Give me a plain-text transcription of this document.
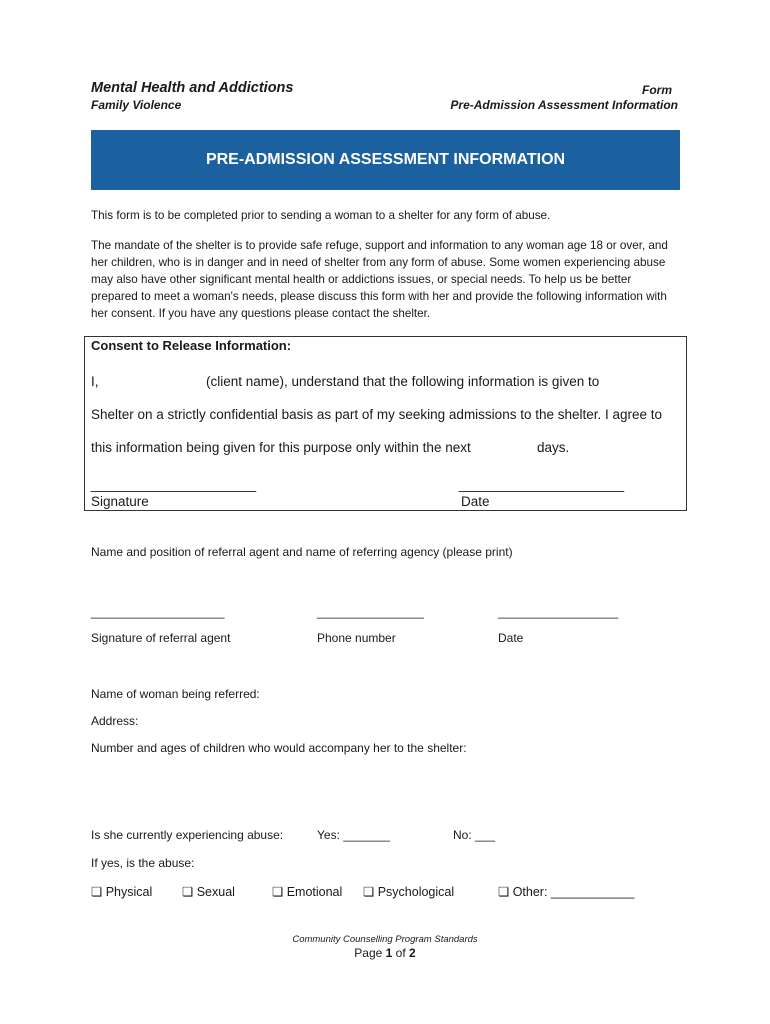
Mental Health and Addictions
Family Violence
Form
Pre-Admission Assessment Information
PRE-ADMISSION ASSESSMENT INFORMATION
This form is to be completed prior to sending a woman to a shelter for any form of abuse.
The mandate of the shelter is to provide safe refuge, support and information to any woman age 18 or over, and her children, who is in danger and in need of shelter from any form of abuse. Some women experiencing abuse may also have other significant mental health or addictions issues, or special needs. To help us be better prepared to meet a woman's needs, please discuss this form with her and provide the following information with her consent. If you have any questions please contact the shelter.
Consent to Release Information:
I,	(client name), understand that the following information is given to
Shelter on a strictly confidential basis as part of my seeking admissions to the shelter. I agree to
this information being given for this purpose only within the next	days.
______________________	______________________
Signature	Date
Name and position of referral agent and name of referring agency (please print)
____________________	________________	__________________
Signature of referral agent	Phone number	Date
Name of woman being referred:
Address:
Number and ages of children who would accompany her to the shelter:
Is she currently experiencing abuse:	Yes: _______	No: ___
If yes, is the abuse:
❏ Physical ❏ Sexual	❏ Emotional ❏ Psychological	❏ Other: ____________
Community Counselling Program Standards
Page 1 of 2
